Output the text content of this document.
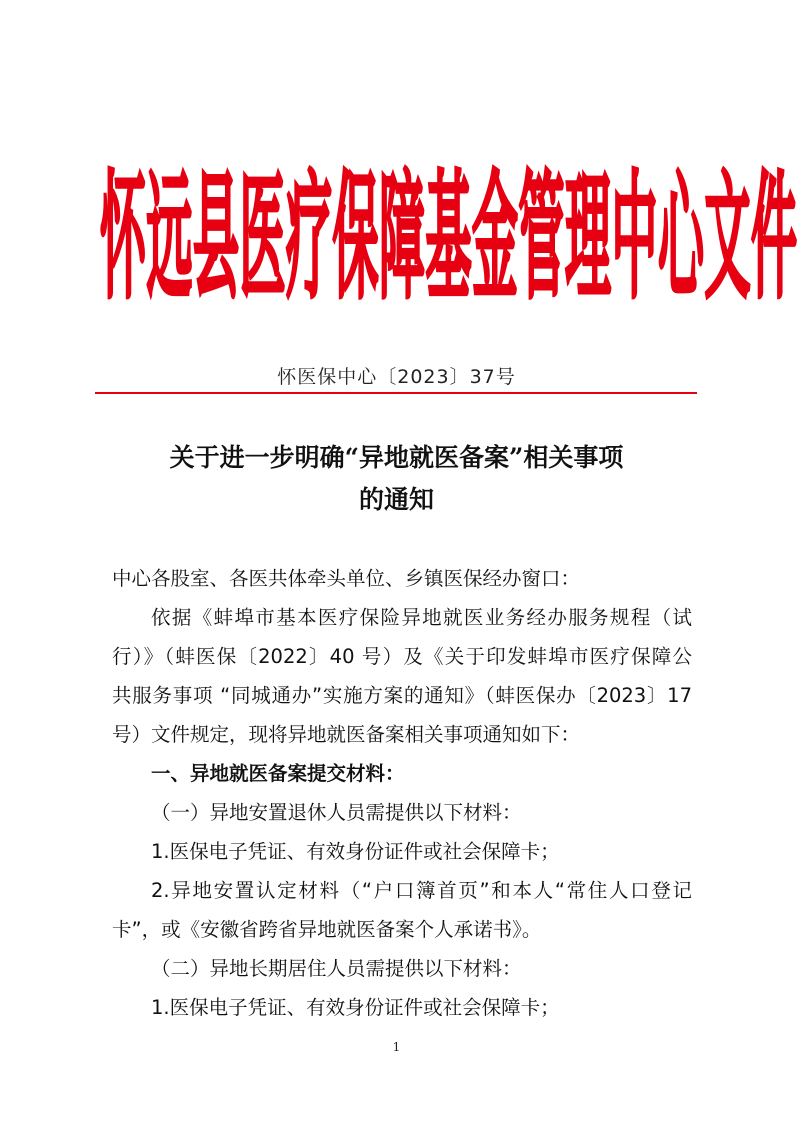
怀远县医疗保障基金管理中心文件
怀医保中心〔2023〕37号
关于进一步明确“异地就医备案”相关事项
的通知
中心各股室、各医共体牵头单位、乡镇医保经办窗口：
依据《蚌埠市基本医疗保险异地就医业务经办服务规程（试
行）》（蚌医保〔2022〕40 号）及《关于印发蚌埠市医疗保障公
共服务事项 “同城通办”实施方案的通知》（蚌医保办〔2023〕17
号）文件规定，现将异地就医备案相关事项通知如下：
一、异地就医备案提交材料：
（一）异地安置退休人员需提供以下材料：
1.医保电子凭证、有效身份证件或社会保障卡；
2.异地安置认定材料（“户口簿首页”和本人“常住人口登记
卡”，或《安徽省跨省异地就医备案个人承诺书》。
（二）异地长期居住人员需提供以下材料：
1.医保电子凭证、有效身份证件或社会保障卡；
1
